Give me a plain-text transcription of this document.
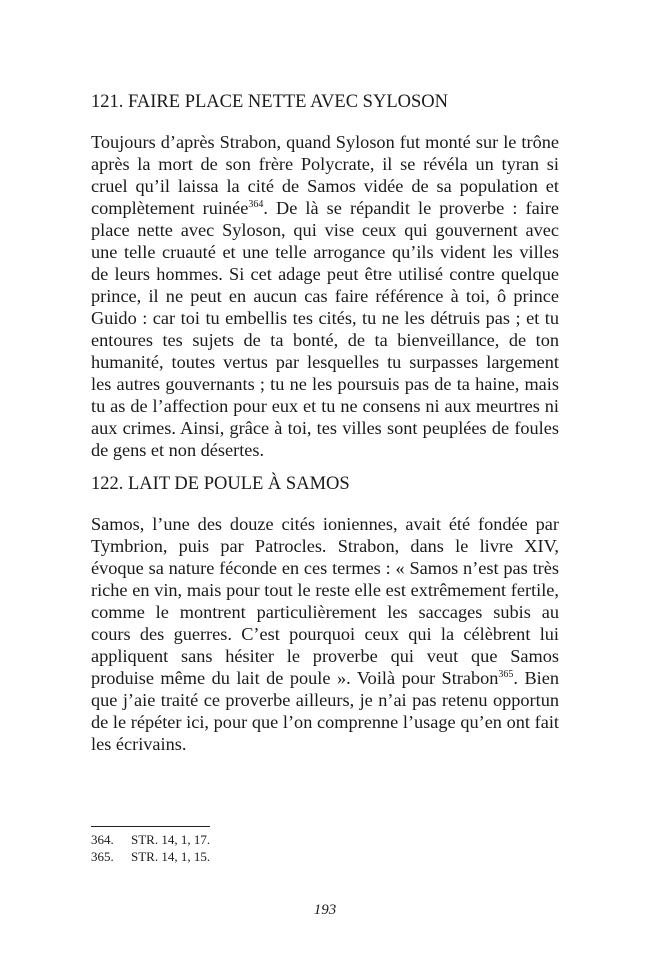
121. FAIRE PLACE NETTE AVEC SYLOSON

Toujours d’après Strabon, quand Syloson fut monté sur le trône après la mort de son frère Polycrate, il se révéla un tyran si cruel qu’il laissa la cité de Samos vidée de sa population et complètement ruinée$^{364}$. De là se répandit le proverbe : faire place nette avec Syloson, qui vise ceux qui gouvernent avec une telle cruauté et une telle arrogance qu’ils vident les villes de leurs hommes. Si cet adage peut être utilisé contre quelque prince, il ne peut en aucun cas faire référence à toi, ô prince Guido : car toi tu embellis tes cités, tu ne les détruis pas ; et tu entoures tes sujets de ta bonté, de ta bienveillance, de ton humanité, toutes vertus par lesquelles tu surpasses largement les autres gouvernants ; tu ne les poursuis pas de ta haine, mais tu as de l’affection pour eux et tu ne consens ni aux meurtres ni aux crimes. Ainsi, grâce à toi, tes villes sont peuplées de foules de gens et non désertes.

122. LAIT DE POULE À SAMOS

Samos, l’une des douze cités ioniennes, avait été fondée par Tymbrion, puis par Patrocles. Strabon, dans le livre XIV, évoque sa nature féconde en ces termes : « Samos n’est pas très riche en vin, mais pour tout le reste elle est extrêmement fertile, comme le montrent particulièrement les saccages subis au cours des guerres. C’est pourquoi ceux qui la célèbrent lui appliquent sans hésiter le proverbe qui veut que Samos produise même du lait de poule ». Voilà pour Strabon$^{365}$. Bien que j’aie traité ce proverbe ailleurs, je n’ai pas retenu opportun de le répéter ici, pour que l’on comprenne l’usage qu’en ont fait les écrivains.

364.	STR. 14, 1, 17.
365.	STR. 14, 1, 15.
193
